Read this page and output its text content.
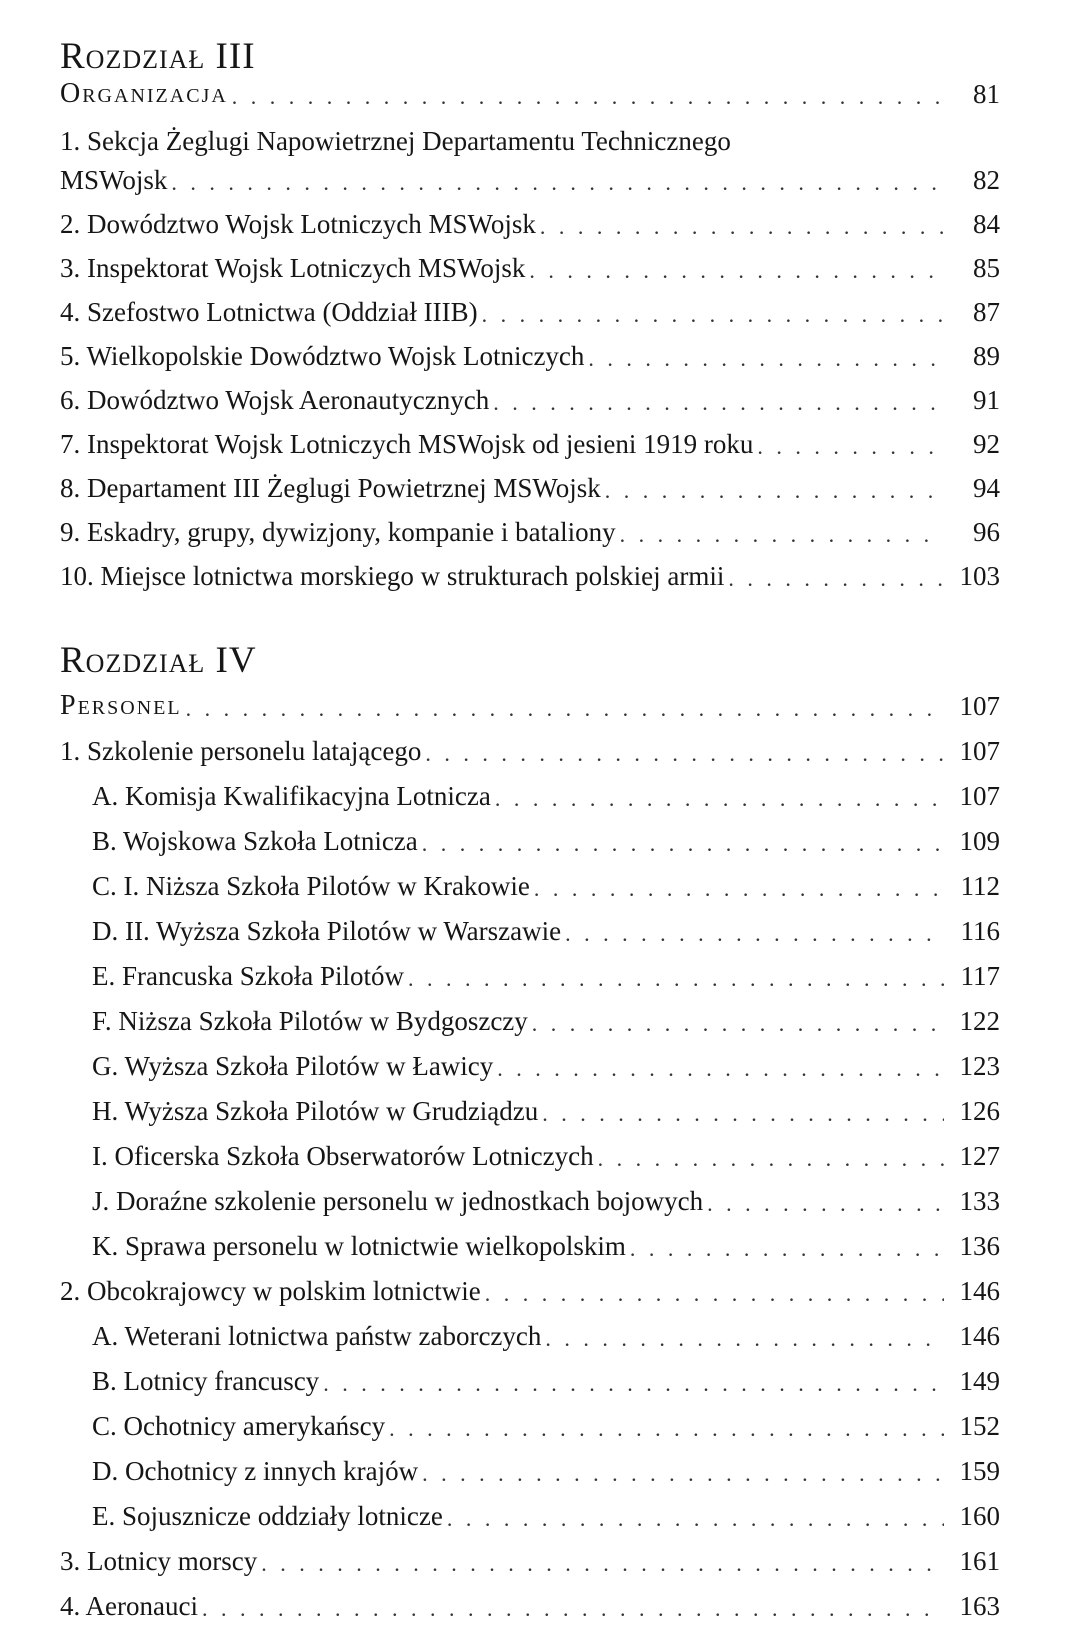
Rozdział III
Organizacja . . .	81
1. Sekcja Żeglugi Napowietrznej Departamentu Technicznego
MSWojsk . . .	82
2. Dowództwo Wojsk Lotniczych MSWojsk . . .	84
3. Inspektorat Wojsk Lotniczych MSWojsk . . .	85
4. Szefostwo Lotnictwa (Oddział IIIB) . . .	87
5. Wielkopolskie Dowództwo Wojsk Lotniczych . . .	89
6. Dowództwo Wojsk Aeronautycznych . . .	91
7. Inspektorat Wojsk Lotniczych MSWojsk od jesieni 1919 roku . . .	92
8. Departament III Żeglugi Powietrznej MSWojsk . . .	94
9. Eskadry, grupy, dywizjony, kompanie i bataliony . . .	96
10. Miejsce lotnictwa morskiego w strukturach polskiej armii . . .	103
Rozdział IV
Personel . . .	107
1. Szkolenie personelu latającego . . .	107
A. Komisja Kwalifikacyjna Lotnicza . . .	107
B. Wojskowa Szkoła Lotnicza . . .	109
C. I. Niższa Szkoła Pilotów w Krakowie . . .	112
D. II. Wyższa Szkoła Pilotów w Warszawie . . .	116
E. Francuska Szkoła Pilotów . . .	117
F. Niższa Szkoła Pilotów w Bydgoszczy . . .	122
G. Wyższa Szkoła Pilotów w Ławicy . . .	123
H. Wyższa Szkoła Pilotów w Grudziądzu . . .	126
I. Oficerska Szkoła Obserwatorów Lotniczych . . .	127
J. Doraźne szkolenie personelu w jednostkach bojowych . . .	133
K. Sprawa personelu w lotnictwie wielkopolskim . . .	136
2. Obcokrajowcy w polskim lotnictwie . . .	146
A. Weterani lotnictwa państw zaborczych . . .	146
B. Lotnicy francuscy . . .	149
C. Ochotnicy amerykańscy . . .	152
D. Ochotnicy z innych krajów . . .	159
E. Sojusznicze oddziały lotnicze . . .	160
3. Lotnicy morscy . . .	161
4. Aeronauci . . .	163
